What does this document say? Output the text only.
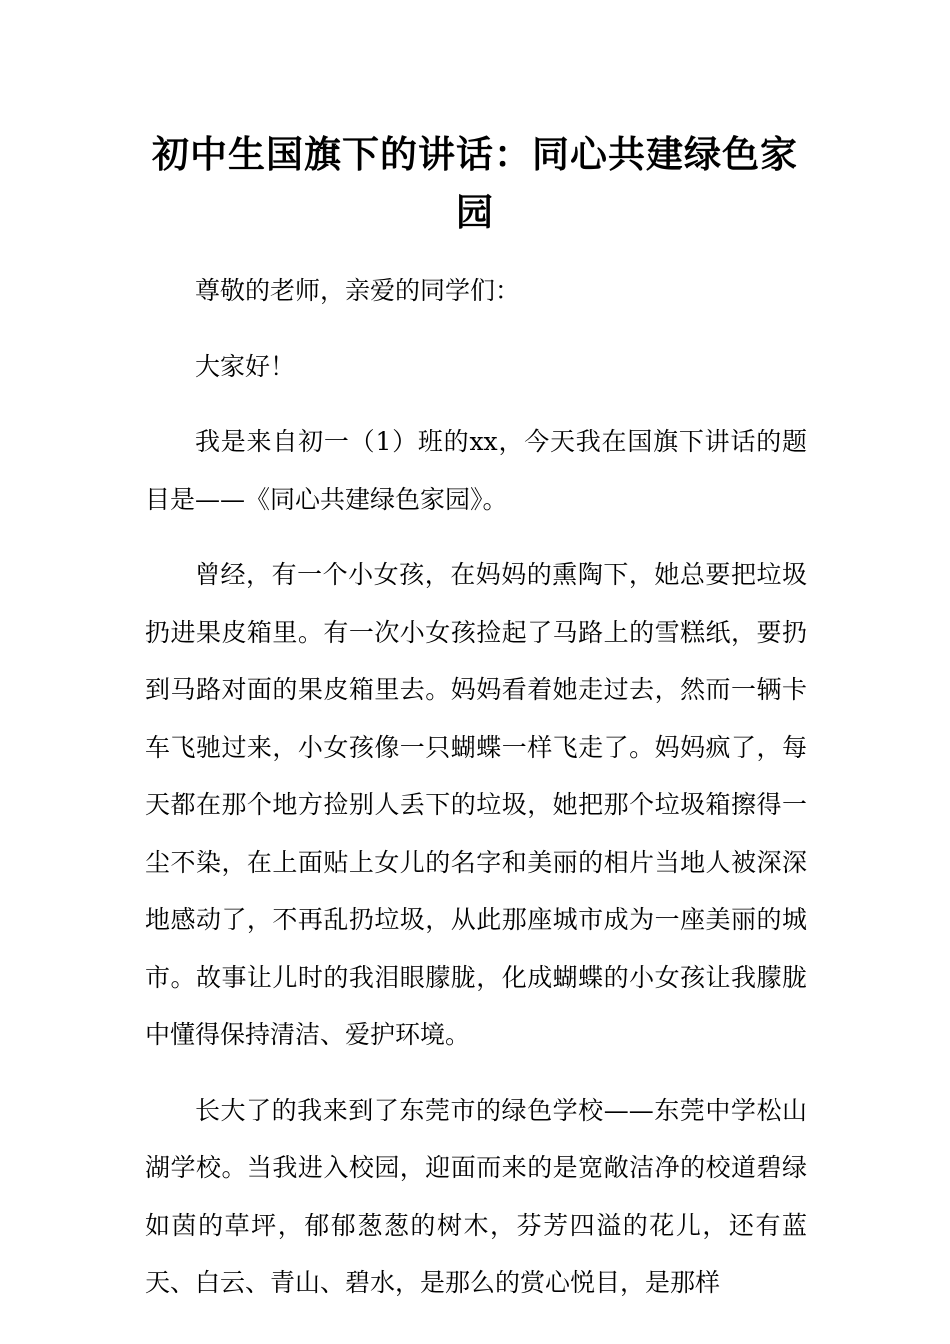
初中生国旗下的讲话：同心共建绿色家园

尊敬的老师，亲爱的同学们：

大家好！

我是来自初一（1）班的xx，今天我在国旗下讲话的题目是——《同心共建绿色家园》。

曾经，有一个小女孩，在妈妈的熏陶下，她总要把垃圾扔进果皮箱里。有一次小女孩捡起了马路上的雪糕纸，要扔到马路对面的果皮箱里去。妈妈看着她走过去，然而一辆卡车飞驰过来，小女孩像一只蝴蝶一样飞走了。妈妈疯了，每天都在那个地方捡别人丢下的垃圾，她把那个垃圾箱擦得一尘不染，在上面贴上女儿的名字和美丽的相片当地人被深深地感动了，不再乱扔垃圾，从此那座城市成为一座美丽的城市。故事让儿时的我泪眼朦胧，化成蝴蝶的小女孩让我朦胧中懂得保持清洁、爱护环境。

长大了的我来到了东莞市的绿色学校——东莞中学松山湖学校。当我进入校园，迎面而来的是宽敞洁净的校道碧绿如茵的草坪，郁郁葱葱的树木，芬芳四溢的花儿，还有蓝天、白云、青山、碧水，是那么的赏心悦目，是那样
